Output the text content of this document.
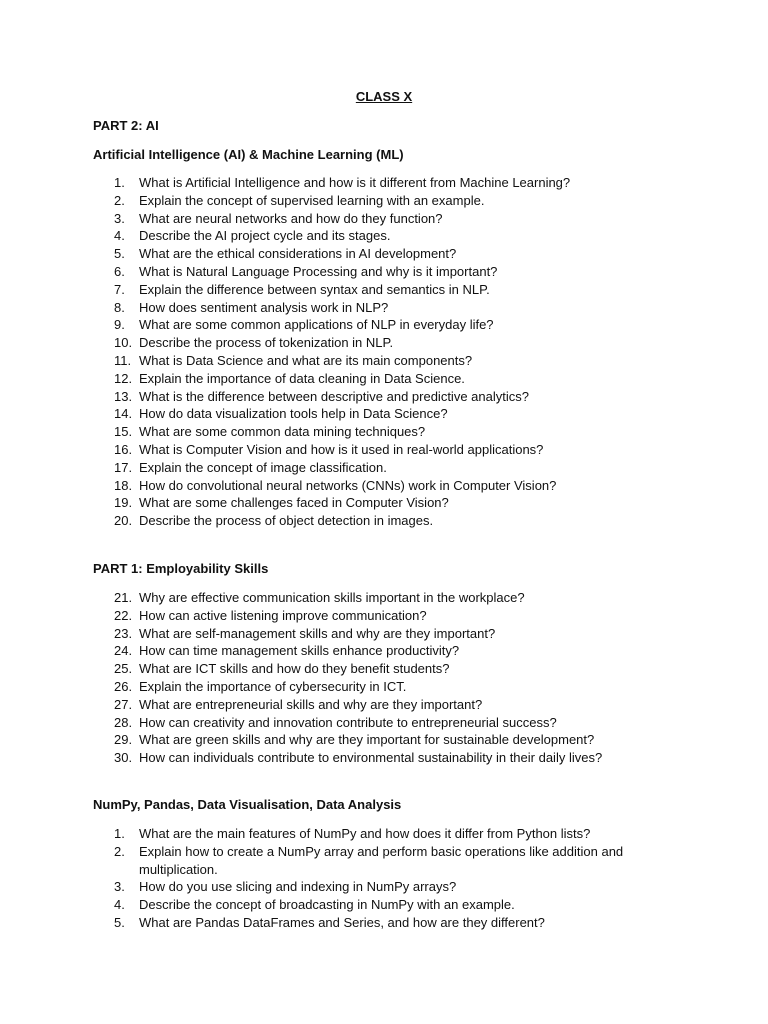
CLASS X
PART 2: AI
Artificial Intelligence (AI) & Machine Learning (ML)
1.	What is Artificial Intelligence and how is it different from Machine Learning?
2.	Explain the concept of supervised learning with an example.
3.	What are neural networks and how do they function?
4.	Describe the AI project cycle and its stages.
5.	What are the ethical considerations in AI development?
6.	What is Natural Language Processing and why is it important?
7.	Explain the difference between syntax and semantics in NLP.
8.	How does sentiment analysis work in NLP?
9.	What are some common applications of NLP in everyday life?
10. Describe the process of tokenization in NLP.
11. What is Data Science and what are its main components?
12. Explain the importance of data cleaning in Data Science.
13. What is the difference between descriptive and predictive analytics?
14. How do data visualization tools help in Data Science?
15. What are some common data mining techniques?
16. What is Computer Vision and how is it used in real-world applications?
17. Explain the concept of image classification.
18. How do convolutional neural networks (CNNs) work in Computer Vision?
19. What are some challenges faced in Computer Vision?
20. Describe the process of object detection in images.
PART 1: Employability Skills
21. Why are effective communication skills important in the workplace?
22. How can active listening improve communication?
23. What are self-management skills and why are they important?
24. How can time management skills enhance productivity?
25. What are ICT skills and how do they benefit students?
26. Explain the importance of cybersecurity in ICT.
27. What are entrepreneurial skills and why are they important?
28. How can creativity and innovation contribute to entrepreneurial success?
29. What are green skills and why are they important for sustainable development?
30. How can individuals contribute to environmental sustainability in their daily lives?
NumPy, Pandas, Data Visualisation, Data Analysis
1.	What are the main features of NumPy and how does it differ from Python lists?
2.	Explain how to create a NumPy array and perform basic operations like addition and multiplication.
3.	How do you use slicing and indexing in NumPy arrays?
4.	Describe the concept of broadcasting in NumPy with an example.
5.	What are Pandas DataFrames and Series, and how are they different?
